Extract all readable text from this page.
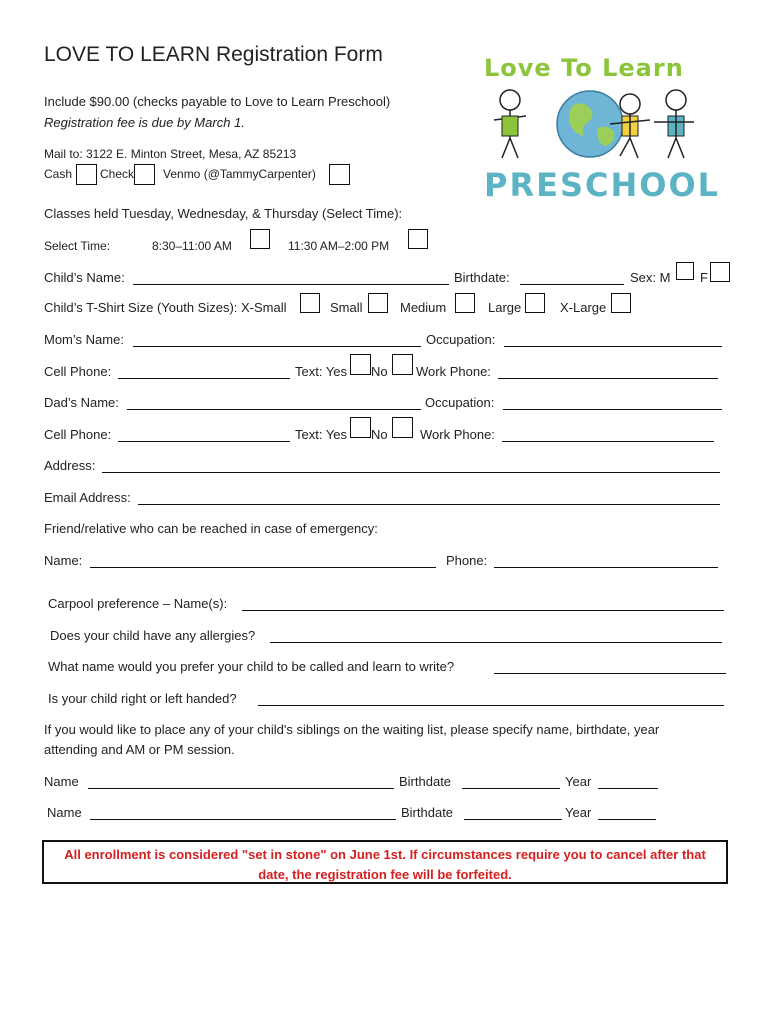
LOVE TO LEARN Registration Form
Include $90.00 (checks payable to Love to Learn Preschool)
Registration fee is due by March 1.
Mail to: 3122 E. Minton Street, Mesa, AZ 85213
Cash Check Venmo (@TammyCarpenter)
Love To Learn
PRESCHOOL
Classes held Tuesday, Wednesday, & Thursday (Select Time):
Select Time:	8:30–11:00 AM	11:30 AM–2:00 PM
Child’s Name:	Birthdate:	Sex: M F
Child’s T-Shirt Size (Youth Sizes): X-Small	Small	Medium	Large	X-Large
Mom’s Name:	Occupation:
Cell Phone:	Text: Yes No Work Phone:
Dad’s Name:	Occupation:
Cell Phone:	Text: Yes No Work Phone:
Address:
Email Address:
Friend/relative who can be reached in case of emergency:
Name:	Phone:
Carpool preference – Name(s):
Does your child have any allergies?
What name would you prefer your child to be called and learn to write?
Is your child right or left handed?
If you would like to place any of your child's siblings on the waiting list, please specify name, birthdate, year
attending and AM or PM session.
Name	Birthdate	Year
Name	Birthdate	Year
All enrollment is considered "set in stone" on June 1st. If circumstances require you to cancel after that
date, the registration fee will be forfeited.
